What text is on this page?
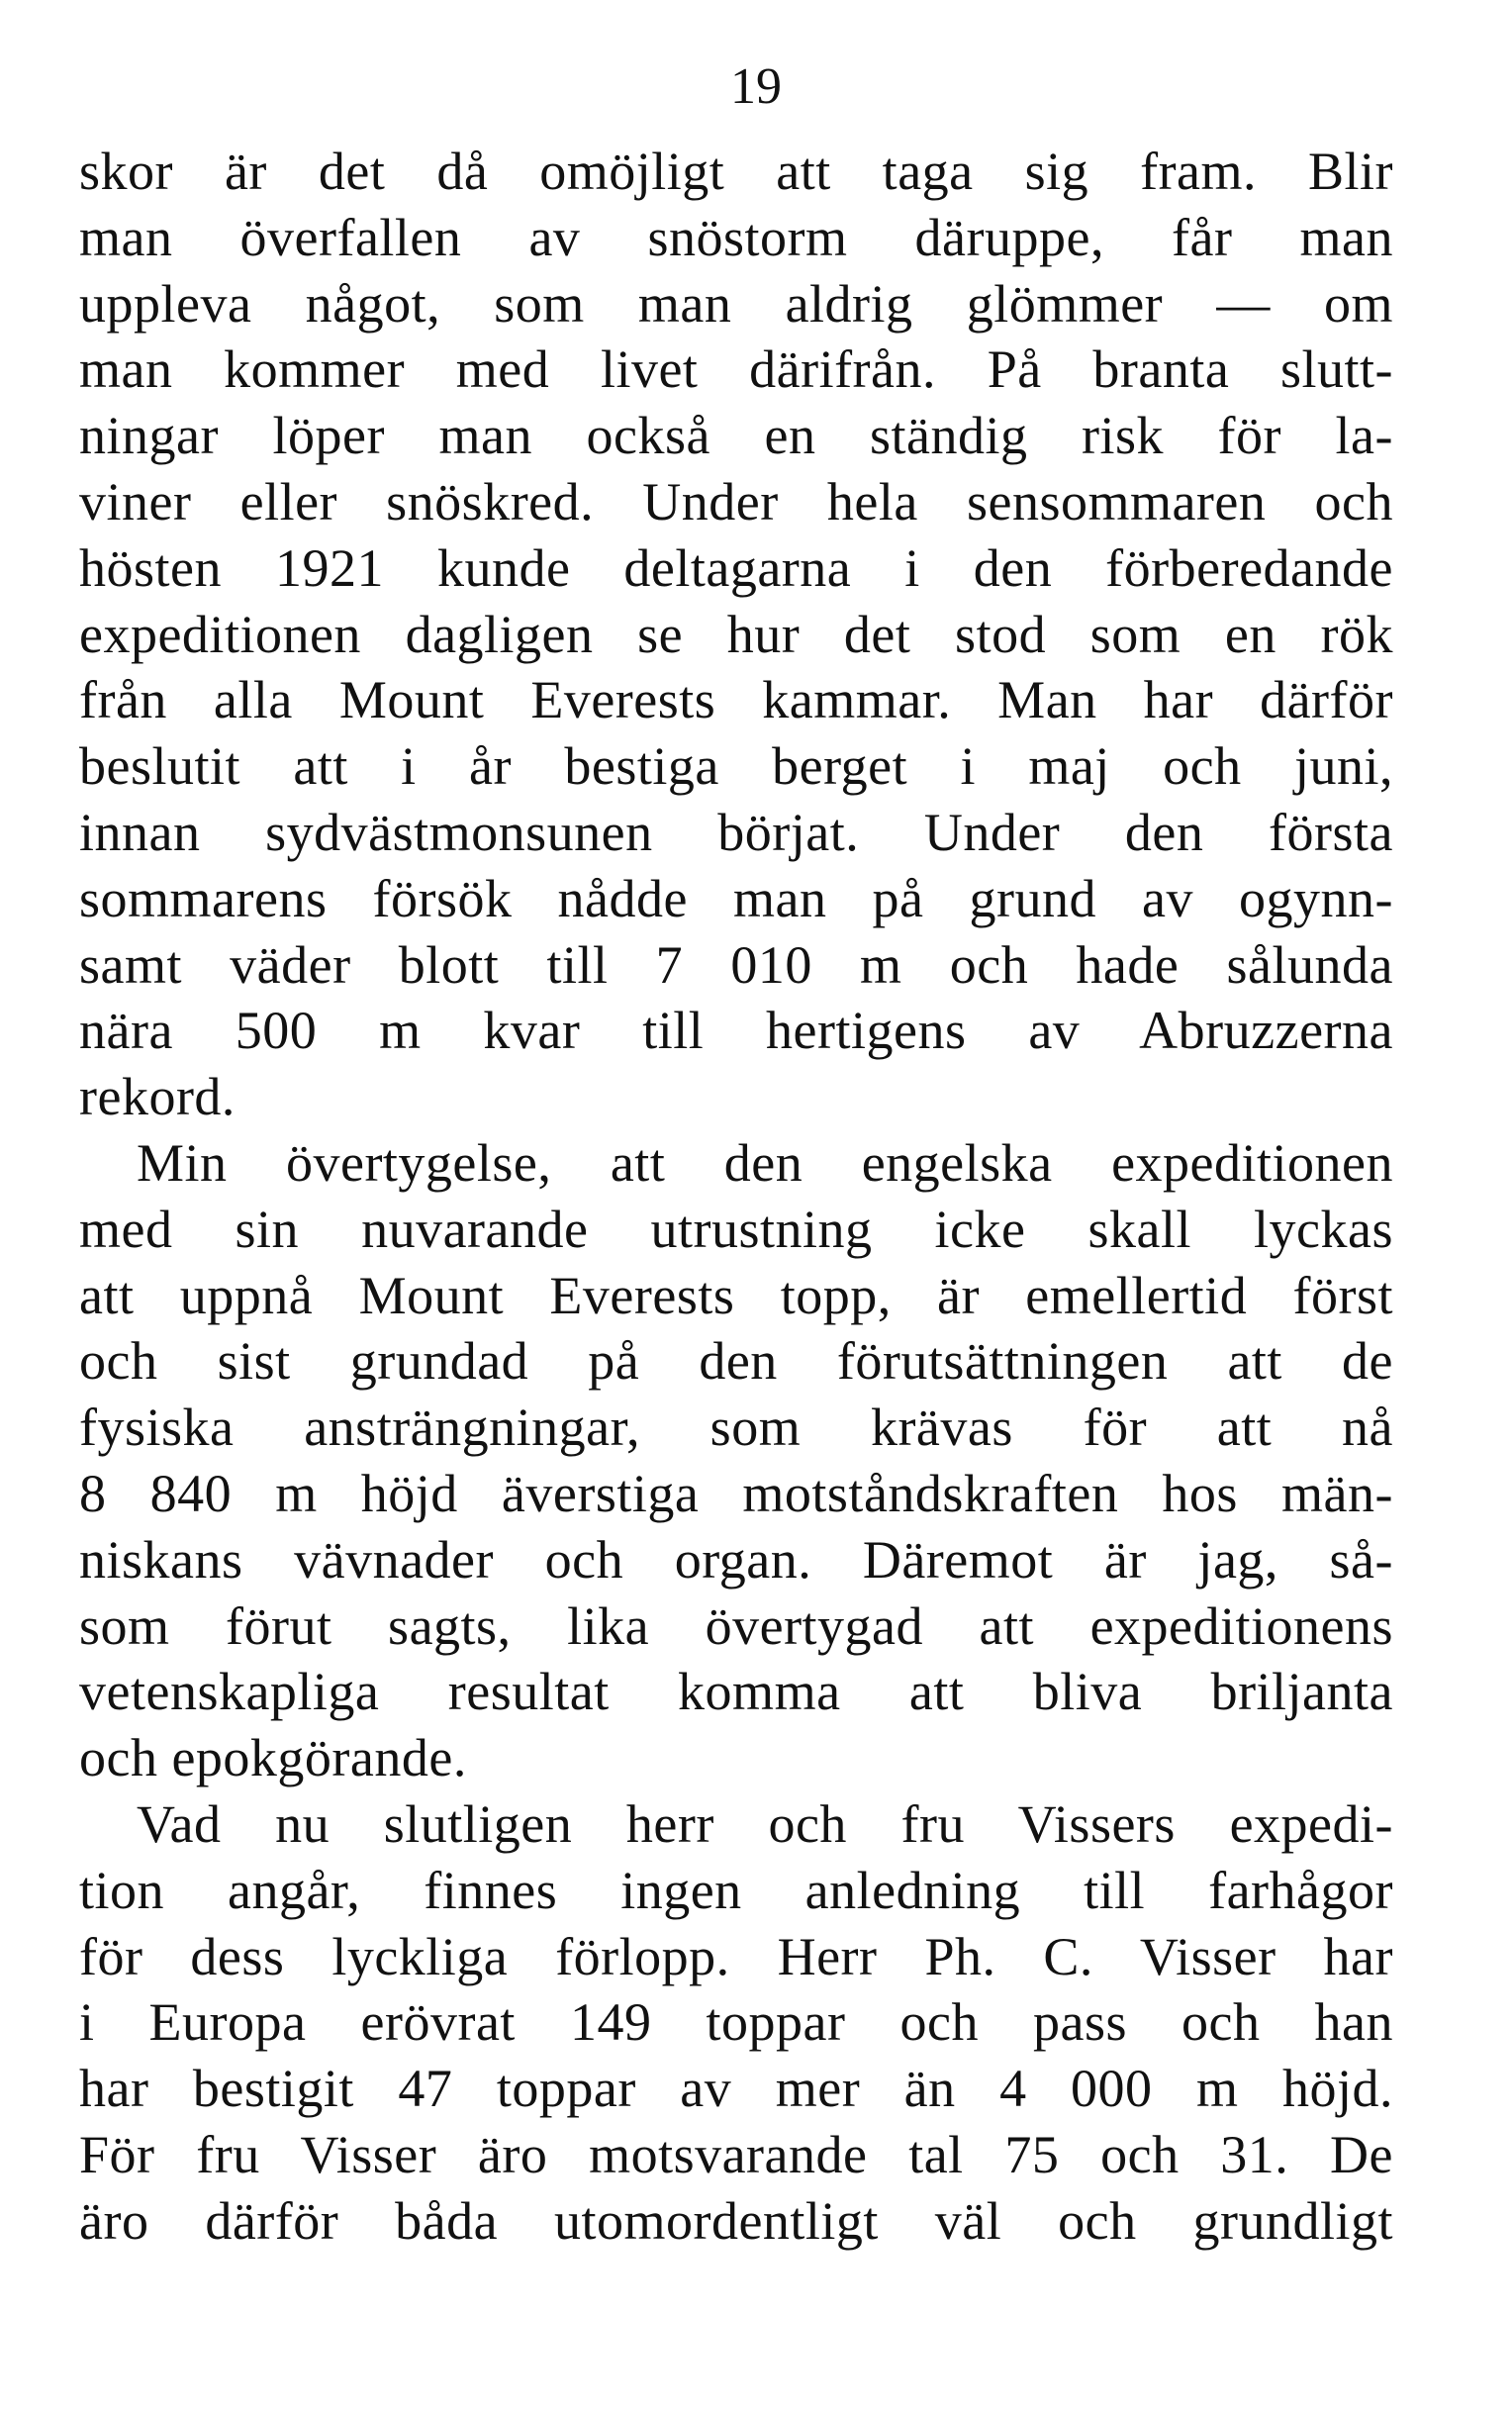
19
skor är det då omöjligt att taga sig fram. Blir
man överfallen av snöstorm däruppe, får man
uppleva något, som man aldrig glömmer — om
man kommer med livet därifrån. På branta slutt-
ningar löper man också en ständig risk för la-
viner eller snöskred. Under hela sensommaren och
hösten 1921 kunde deltagarna i den förberedande
expeditionen dagligen se hur det stod som en rök
från alla Mount Everests kammar. Man har därför
beslutit att i år bestiga berget i maj och juni,
innan sydvästmonsunen börjat. Under den första
sommarens försök nådde man på grund av ogynn-
samt väder blott till 7 010 m och hade sålunda
nära 500 m kvar till hertigens av Abruzzerna
rekord.
Min övertygelse, att den engelska expeditionen
med sin nuvarande utrustning icke skall lyckas
att uppnå Mount Everests topp, är emellertid först
och sist grundad på den förutsättningen att de
fysiska ansträngningar, som krävas för att nå
8 840 m höjd äverstiga motståndskraften hos män-
niskans vävnader och organ. Däremot är jag, så-
som förut sagts, lika övertygad att expeditionens
vetenskapliga resultat komma att bliva briljanta
och epokgörande.
Vad nu slutligen herr och fru Vissers expedi-
tion angår, finnes ingen anledning till farhågor
för dess lyckliga förlopp. Herr Ph. C. Visser har
i Europa erövrat 149 toppar och pass och han
har bestigit 47 toppar av mer än 4 000 m höjd.
För fru Visser äro motsvarande tal 75 och 31. De
äro därför båda utomordentligt väl och grundligt
